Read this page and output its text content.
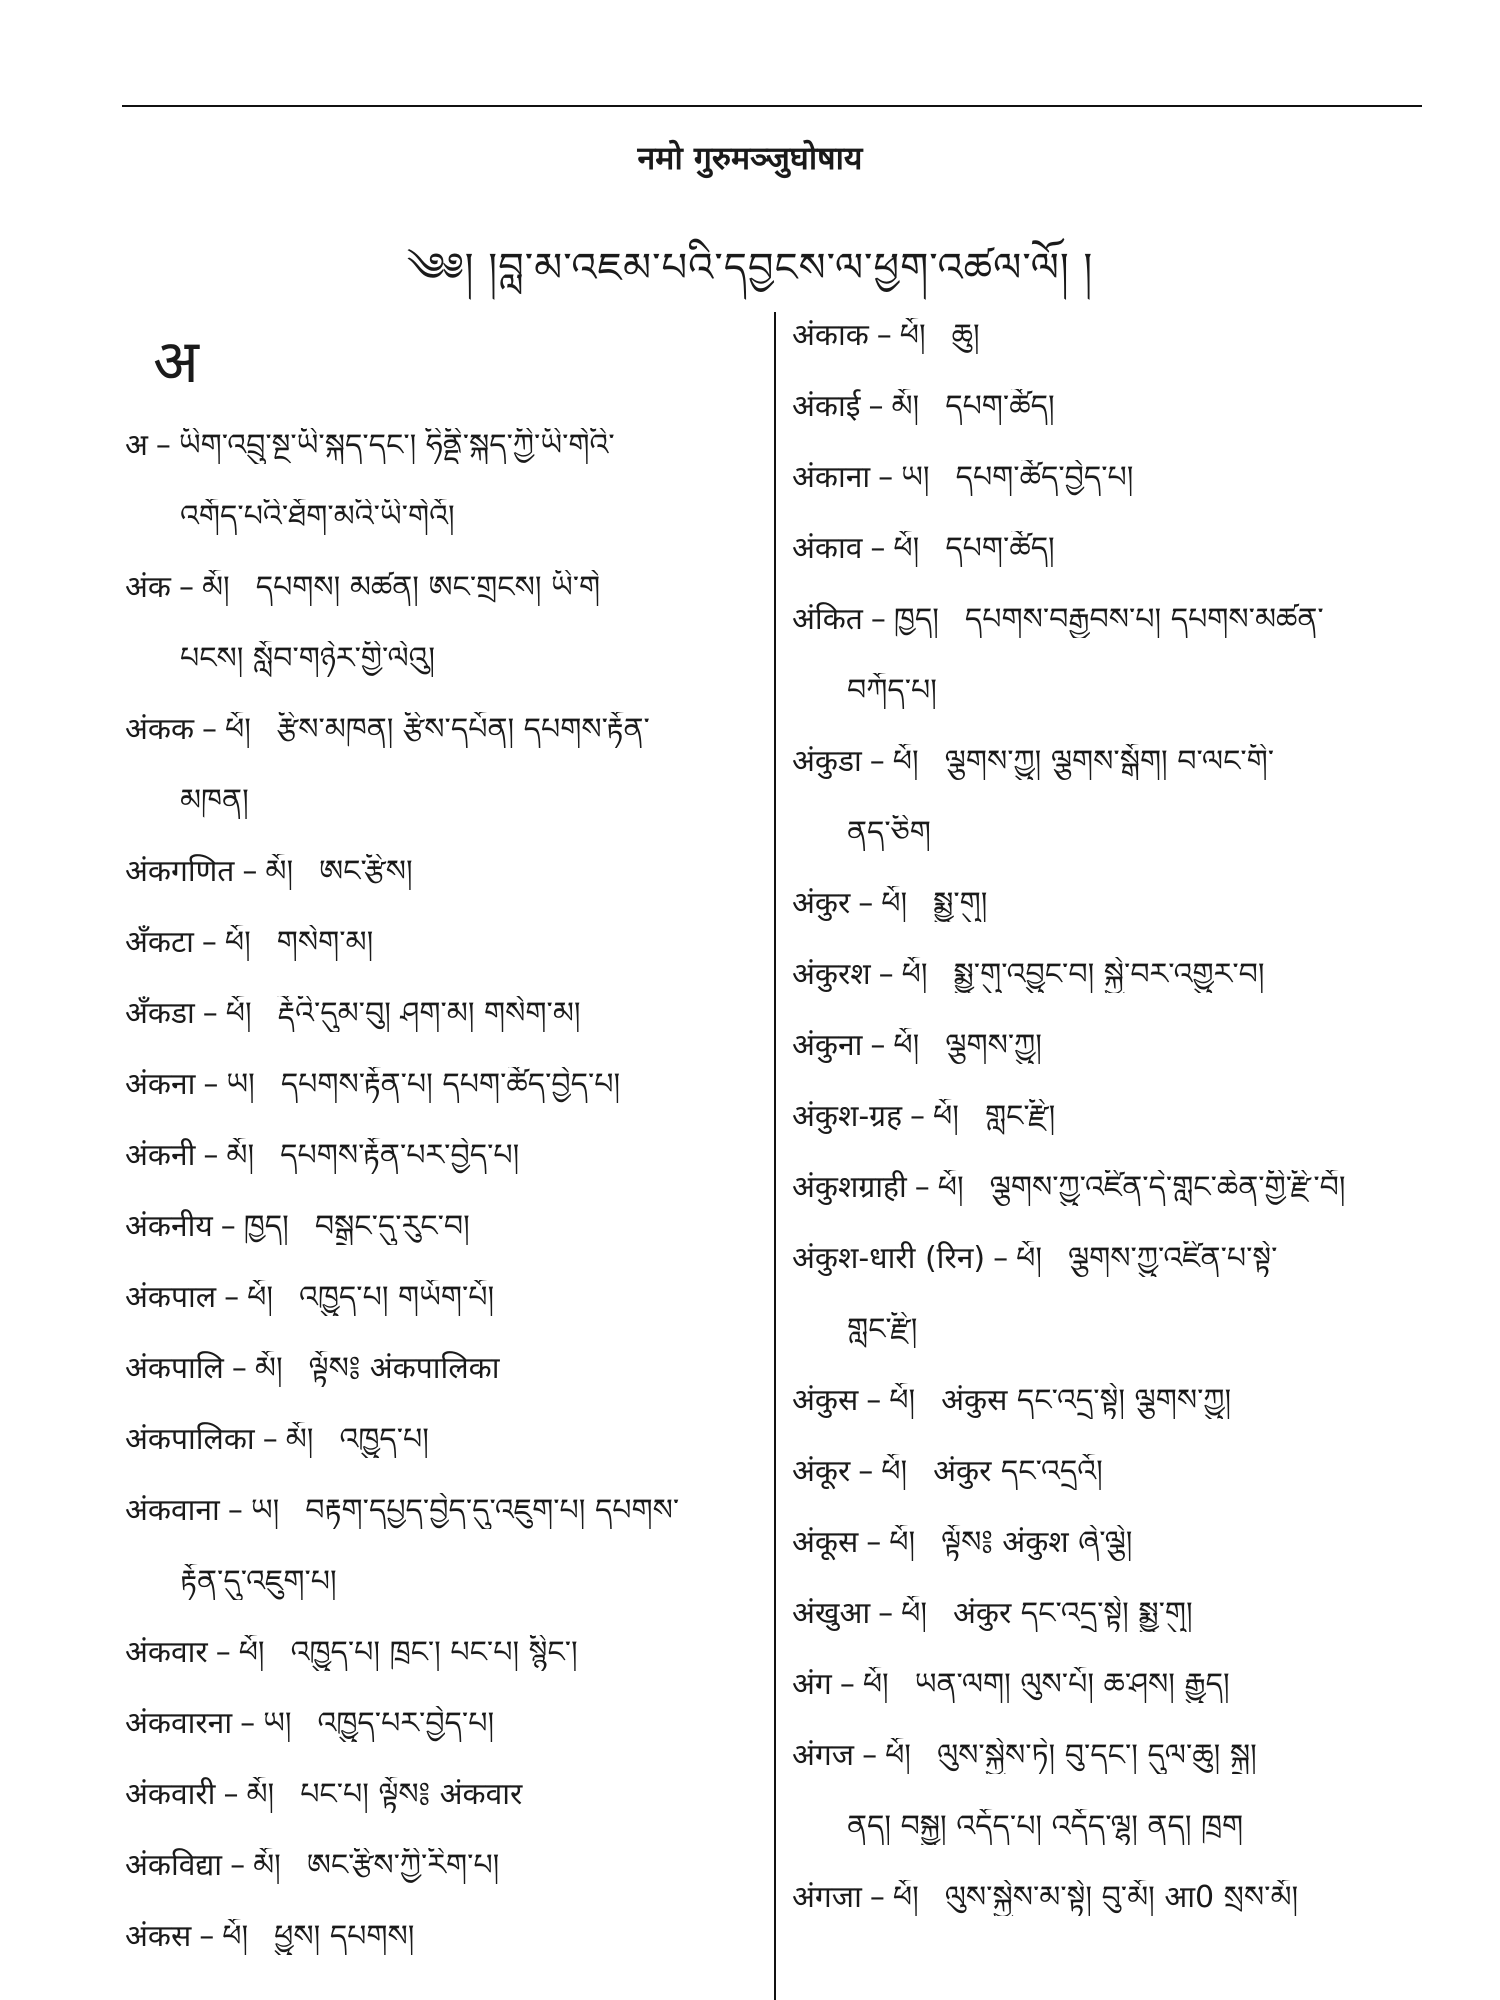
नमो गुरुमञ्जुघोषाय
༄༅། །བླ་མ་འཇམ་པའི་དབྱངས་ལ་ཕྱག་འཚལ་ལོ། །
अ
अ – ཡིག་འབྲུ་སྔ་ཡི་སྐད་དང་། ཧིནྡི་སྐད་ཀྱི་ཡི་གེའི་
འགོད་པའི་ཐོག་མའི་ཡི་གེའོ།
अंक – མོ། དཔགས། མཚན། ཨང་གྲངས། ཡི་གེ
པངས། སློབ་གཉེར་གྱི་ལེའུ།
अंकक – ཕོ། རྩིས་མཁན། རྩིས་དཔོན། དཔགས་རྟོན་
མཁན།
अंकगणित – མོ། ཨང་རྩིས།
अँकटा – ཕོ། གསེག་མ།
अँकडा – ཕོ། རྡོའི་དུམ་བུ། ཤག་མ། གསེག་མ།
अंकना – ཡ། དཔགས་རྟོན་པ། དཔག་ཚོད་བྱེད་པ།
अंकनी – མོ། དཔགས་རྟོན་པར་བྱེད་པ།
अंकनीय – ཁྱད། བསྒྲང་དུ་རུང་བ།
अंकपाल – ཕོ། འཁྱུད་པ། གཡོག་པོ།
अंकपालि – མོ། ལྟོས༔ अंकपालिका
अंकपालिका – མོ། འཁྱུད་པ།
अंकवाना – ཡ། བརྟག་དཔྱད་བྱེད་དུ་འཇུག་པ། དཔགས་
རྟོན་དུ་འཇུག་པ།
अंकवार – ཕོ། འཁྱུད་པ། ཁྲང་། པང་པ། སྙིང་།
अंकवारना – ཡ། འཁྱུད་པར་བྱེད་པ།
अंकवारी – མོ། པང་པ། ལྟོས༔ अंकवार
अंकविद्या – མོ། ཨང་རྩིས་ཀྱི་རིག་པ།
अंकस – ཕོ། ཕྱུས། དཔགས།
अंकाक – ཕོ། ཆུ།
अंकाई – མོ། དཔག་ཚོད།
अंकाना – ཡ། དཔག་ཚོད་བྱེད་པ།
अंकाव – ཕོ། དཔག་ཚོད།
अंकित – ཁྱད། དཔགས་བརྒྱབས་པ། དཔགས་མཚན་
བཀོད་པ།
अंकुडा – ཕོ། ལྕགས་ཀྱུ། ལྕགས་སྒོག། བ་ལང་གི་
ནད་ཅིག
अंकुर – ཕོ། སྨྱུ་གུ།
अंकुरश – ཕོ། སྨྱུ་གུ་འབྱུང་བ། སྐྱེ་བར་འགྱུར་བ།
अंकुना – ཕོ། ལྕགས་ཀྱུ།
अंकुश-ग्रह – ཕོ། གླང་རྫི།
अंकुशग्राही – ཕོ། ལྕགས་ཀྱུ་འཛིན་དེ་གླང་ཆེན་གྱི་རྫི་བོ།
अंकुश-धारी (रिन) – ཕོ། ལྕགས་ཀྱུ་འཛིན་པ་སྟེ་
གླང་རྫི།
अंकुस – ཕོ། अंकुस དང་འདྲ་སྟེ། ལྕགས་ཀྱུ།
अंकूर – ཕོ། अंकुर དང་འདྲའོ།
अंकूस – ཕོ། ལྟོས༔ अंकुश ཞེ་ལྕེ།
अंखुआ – ཕོ། अंकुर དང་འདྲ་སྟེ། སྨྱུ་གུ།
अंग – ཕོ། ཡན་ལག། ལུས་པོ། ཆ་ཤས། རྒྱུད།
अंगज – ཕོ། ལུས་སྐྱེས་ཏེ། བུ་དང་། དུལ་ཆུ། སྐྲ།
ནད། བསྐྱུ། འདོད་པ། འདོད་ལྷ། ནད། ཁྲག
अंगजा – ཕོ། ལུས་སྐྱེས་མ་སྟེ། བུ་མོ། आ0 སྲས་མོ།
